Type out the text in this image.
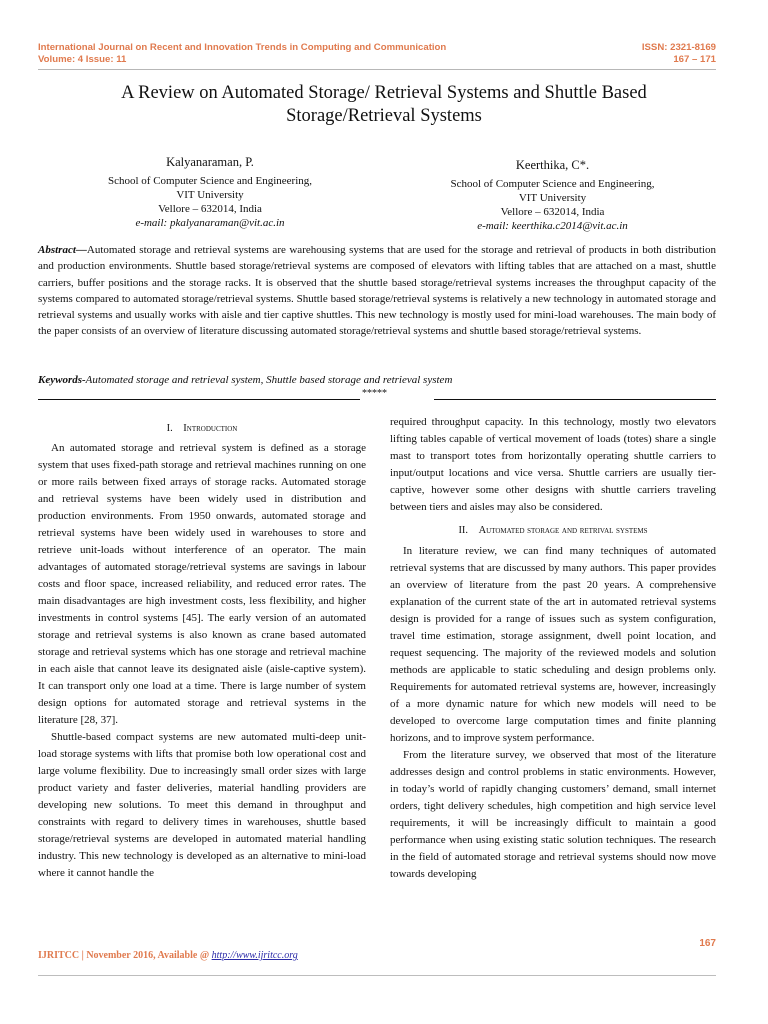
International Journal on Recent and Innovation Trends in Computing and Communication
Volume: 4 Issue: 11
ISSN: 2321-8169
167 – 171
A Review on Automated Storage/ Retrieval Systems and Shuttle Based Storage/Retrieval Systems
Kalyanaraman, P.
School of Computer Science and Engineering,
VIT University
Vellore – 632014, India
e-mail: pkalyanaraman@vit.ac.in
Keerthika, C*.
School of Computer Science and Engineering,
VIT University
Vellore – 632014, India
e-mail: keerthika.c2014@vit.ac.in
Abstract—Automated storage and retrieval systems are warehousing systems that are used for the storage and retrieval of products in both distribution and production environments. Shuttle based storage/retrieval systems are composed of elevators with lifting tables that are attached on a mast, shuttle carriers, buffer positions and the storage racks. It is observed that the shuttle based storage/retrieval systems increases the throughput capacity of the systems compared to automated storage/retrieval systems. Shuttle based storage/retrieval systems is relatively a new technology in automated storage and retrieval systems and usually works with aisle and tier captive shuttles. This new technology is mostly used for mini-load warehouses. The main body of the paper consists of an overview of literature discussing automated storage/retrieval systems and shuttle based storage/retrieval systems.
Keywords-Automated storage and retrieval system, Shuttle based storage and retrieval system
*****
I. Introduction

An automated storage and retrieval system is defined as a storage system that uses fixed-path storage and retrieval machines running on one or more rails between fixed arrays of storage racks. Automated storage and retrieval systems have been widely used in distribution and production environments. From 1950 onwards, automated storage and retrieval systems have been widely used in warehouses to store and retrieve unit-loads without interference of an operator. The main advantages of automated storage/retrieval systems are savings in labour costs and floor space, increased reliability, and reduced error rates. The main disadvantages are high investment costs, less flexibility, and higher investments in control systems [45]. The early version of an automated storage and retrieval systems is also known as crane based automated storage and retrieval systems which has one storage and retrieval machine in each aisle that cannot leave its designated aisle (aisle-captive system). It can transport only one load at a time. There is large number of system design options for automated storage and retrieval systems in the literature [28, 37].

Shuttle-based compact systems are new automated multi-deep unit-load storage systems with lifts that promise both low operational cost and large volume flexibility. Due to increasingly small order sizes with large product variety and faster deliveries, material handling providers are developing new solutions. To meet this demand in throughput and constraints with regard to delivery times in warehouses, shuttle based storage/retrieval systems are developed in automated material handling industry. This new technology is developed as an alternative to mini-load where it cannot handle the

required throughput capacity. In this technology, mostly two elevators lifting tables capable of vertical movement of loads (totes) share a single mast to transport totes from horizontally operating shuttle carriers to input/output locations and vice versa. Shuttle carriers are usually tier-captive, however some other designs with shuttle carriers traveling between tiers and aisles may also be considered.

II. Automated storage and retrival systems

In literature review, we can find many techniques of automated retrieval systems that are discussed by many authors. This paper provides an overview of literature from the past 20 years. A comprehensive explanation of the current state of the art in automated retrieval systems design is provided for a range of issues such as system configuration, travel time estimation, storage assignment, dwell point location, and request sequencing. The majority of the reviewed models and solution methods are applicable to static scheduling and design problems only. Requirements for automated retrieval systems are, however, increasingly of a more dynamic nature for which new models will need to be developed to overcome large computation times and finite planning horizons, and to improve system performance.

From the literature survey, we observed that most of the literature addresses design and control problems in static environments. However, in today’s world of rapidly changing customers’ demand, small internet orders, tight delivery schedules, high competition and high service level requirements, it will be increasingly difficult to maintain a good performance when using existing static solution techniques. The research in the field of automated storage and retrieval systems should now move towards developing

167
IJRITCC | November 2016, Available @ http://www.ijritcc.org
